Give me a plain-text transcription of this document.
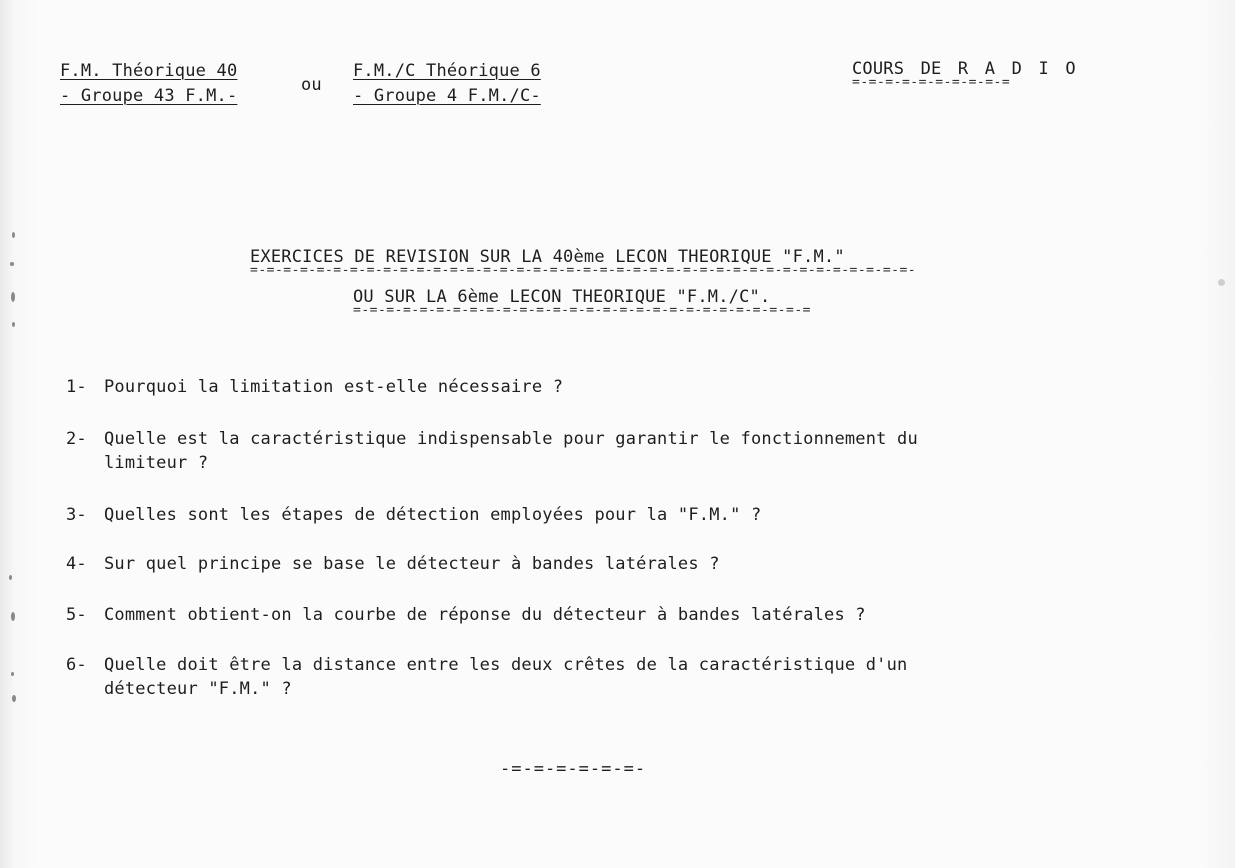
F.M. Théorique 40
- Groupe 43 F.M.-
ou
F.M./C Théorique 6
- Groupe 4 F.M./C-
COURS DE R A D I O
=-=-=-=-=-=-=-=-=-=
EXERCICES DE REVISION SUR LA 40ème LECON THEORIQUE "F.M."
=-=-=-=-=-=-=-=-=-=-=-=-=-=-=-=-=-=-=-=-=-=-=-=-=-=-=-=-=-=-=-=-=-=-=-=-=-=-=-=-
OU SUR LA 6ème LECON THEORIQUE "F.M./C".
=-=-=-=-=-=-=-=-=-=-=-=-=-=-=-=-=-=-=-=-=-=-=-=-=-=-=-=
1- Pourquoi la limitation est-elle nécessaire ?
2- Quelle est la caractéristique indispensable pour garantir le fonctionnement du
limiteur ?
3- Quelles sont les étapes de détection employées pour la "F.M." ?
4- Sur quel principe se base le détecteur à bandes latérales ?
5- Comment obtient-on la courbe de réponse du détecteur à bandes latérales ?
6- Quelle doit être la distance entre les deux crêtes de la caractéristique d'un
détecteur "F.M." ?
-=-=-=-=-=-=-
